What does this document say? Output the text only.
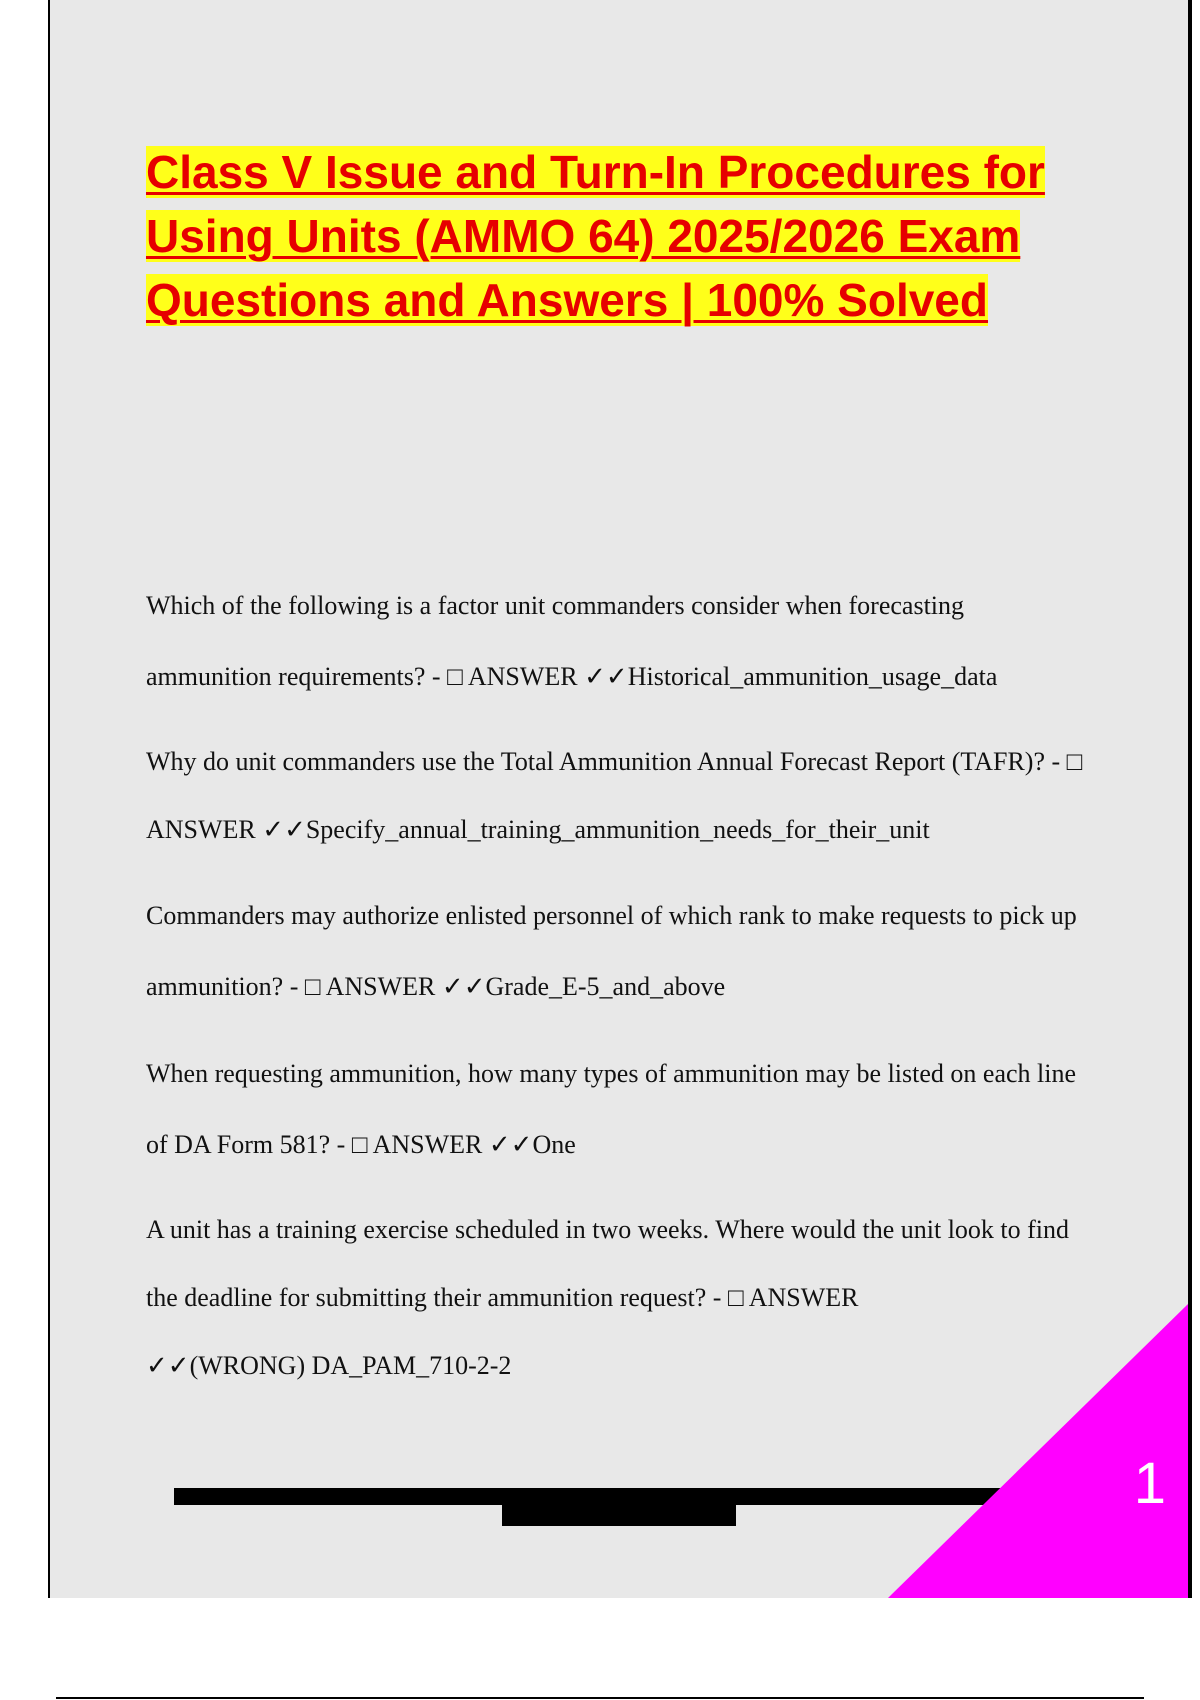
Class V Issue and Turn-In Procedures for Using Units (AMMO 64) 2025/2026 Exam Questions and Answers | 100% Solved

Which of the following is a factor unit commanders consider when forecasting ammunition requirements? - □ ANSWER ✓✓Historical_ammunition_usage_data

Why do unit commanders use the Total Ammunition Annual Forecast Report (TAFR)? - □ ANSWER ✓✓Specify_annual_training_ammunition_needs_for_their_unit

Commanders may authorize enlisted personnel of which rank to make requests to pick up ammunition? - □ ANSWER ✓✓Grade_E-5_and_above

When requesting ammunition, how many types of ammunition may be listed on each line of DA Form 581? - □ ANSWER ✓✓One

A unit has a training exercise scheduled in two weeks. Where would the unit look to find the deadline for submitting their ammunition request? - □ ANSWER ✓✓(WRONG) DA_PAM_710-2-2

1
